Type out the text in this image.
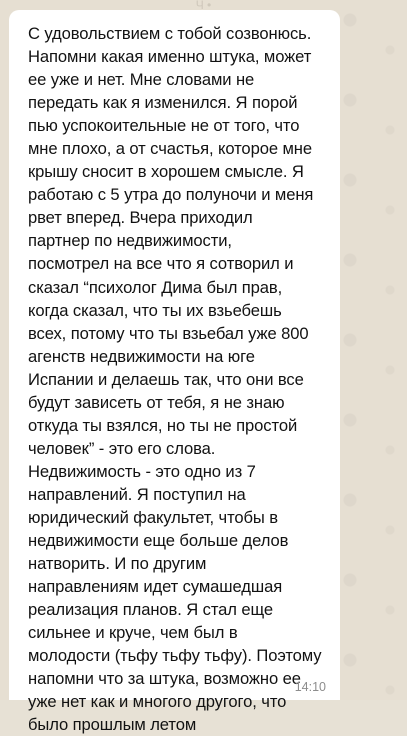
Ч •

С удовольствием с тобой созвонюсь.
Напомни какая именно штука, может
ее уже и нет. Мне словами не
передать как я изменился. Я порой
пью успокоительные не от того, что
мне плохо, а от счастья, которое мне
крышу сносит в хорошем смысле. Я
работаю с 5 утра до полуночи и меня
рвет вперед. Вчера приходил
партнер по недвижимости,
посмотрел на все что я сотворил и
сказал “психолог Дима был прав,
когда сказал, что ты их взьебешь
всех, потому что ты взьебал уже 800
агенств недвижимости на юге
Испании и делаешь так, что они все
будут зависеть от тебя, я не знаю
откуда ты взялся, но ты не простой
человек” - это его слова.
Недвижимость - это одно из 7
направлений. Я поступил на
юридический факультет, чтобы в
недвижимости еще больше делов
натворить. И по другим
направлениям идет сумашедшая
реализация планов. Я стал еще
сильнее и круче, чем был в
молодости (тьфу тьфу тьфу). Поэтому
напомни что за штука, возможно ее
уже нет как и многого другого, что
было прошлым летом

14:10
